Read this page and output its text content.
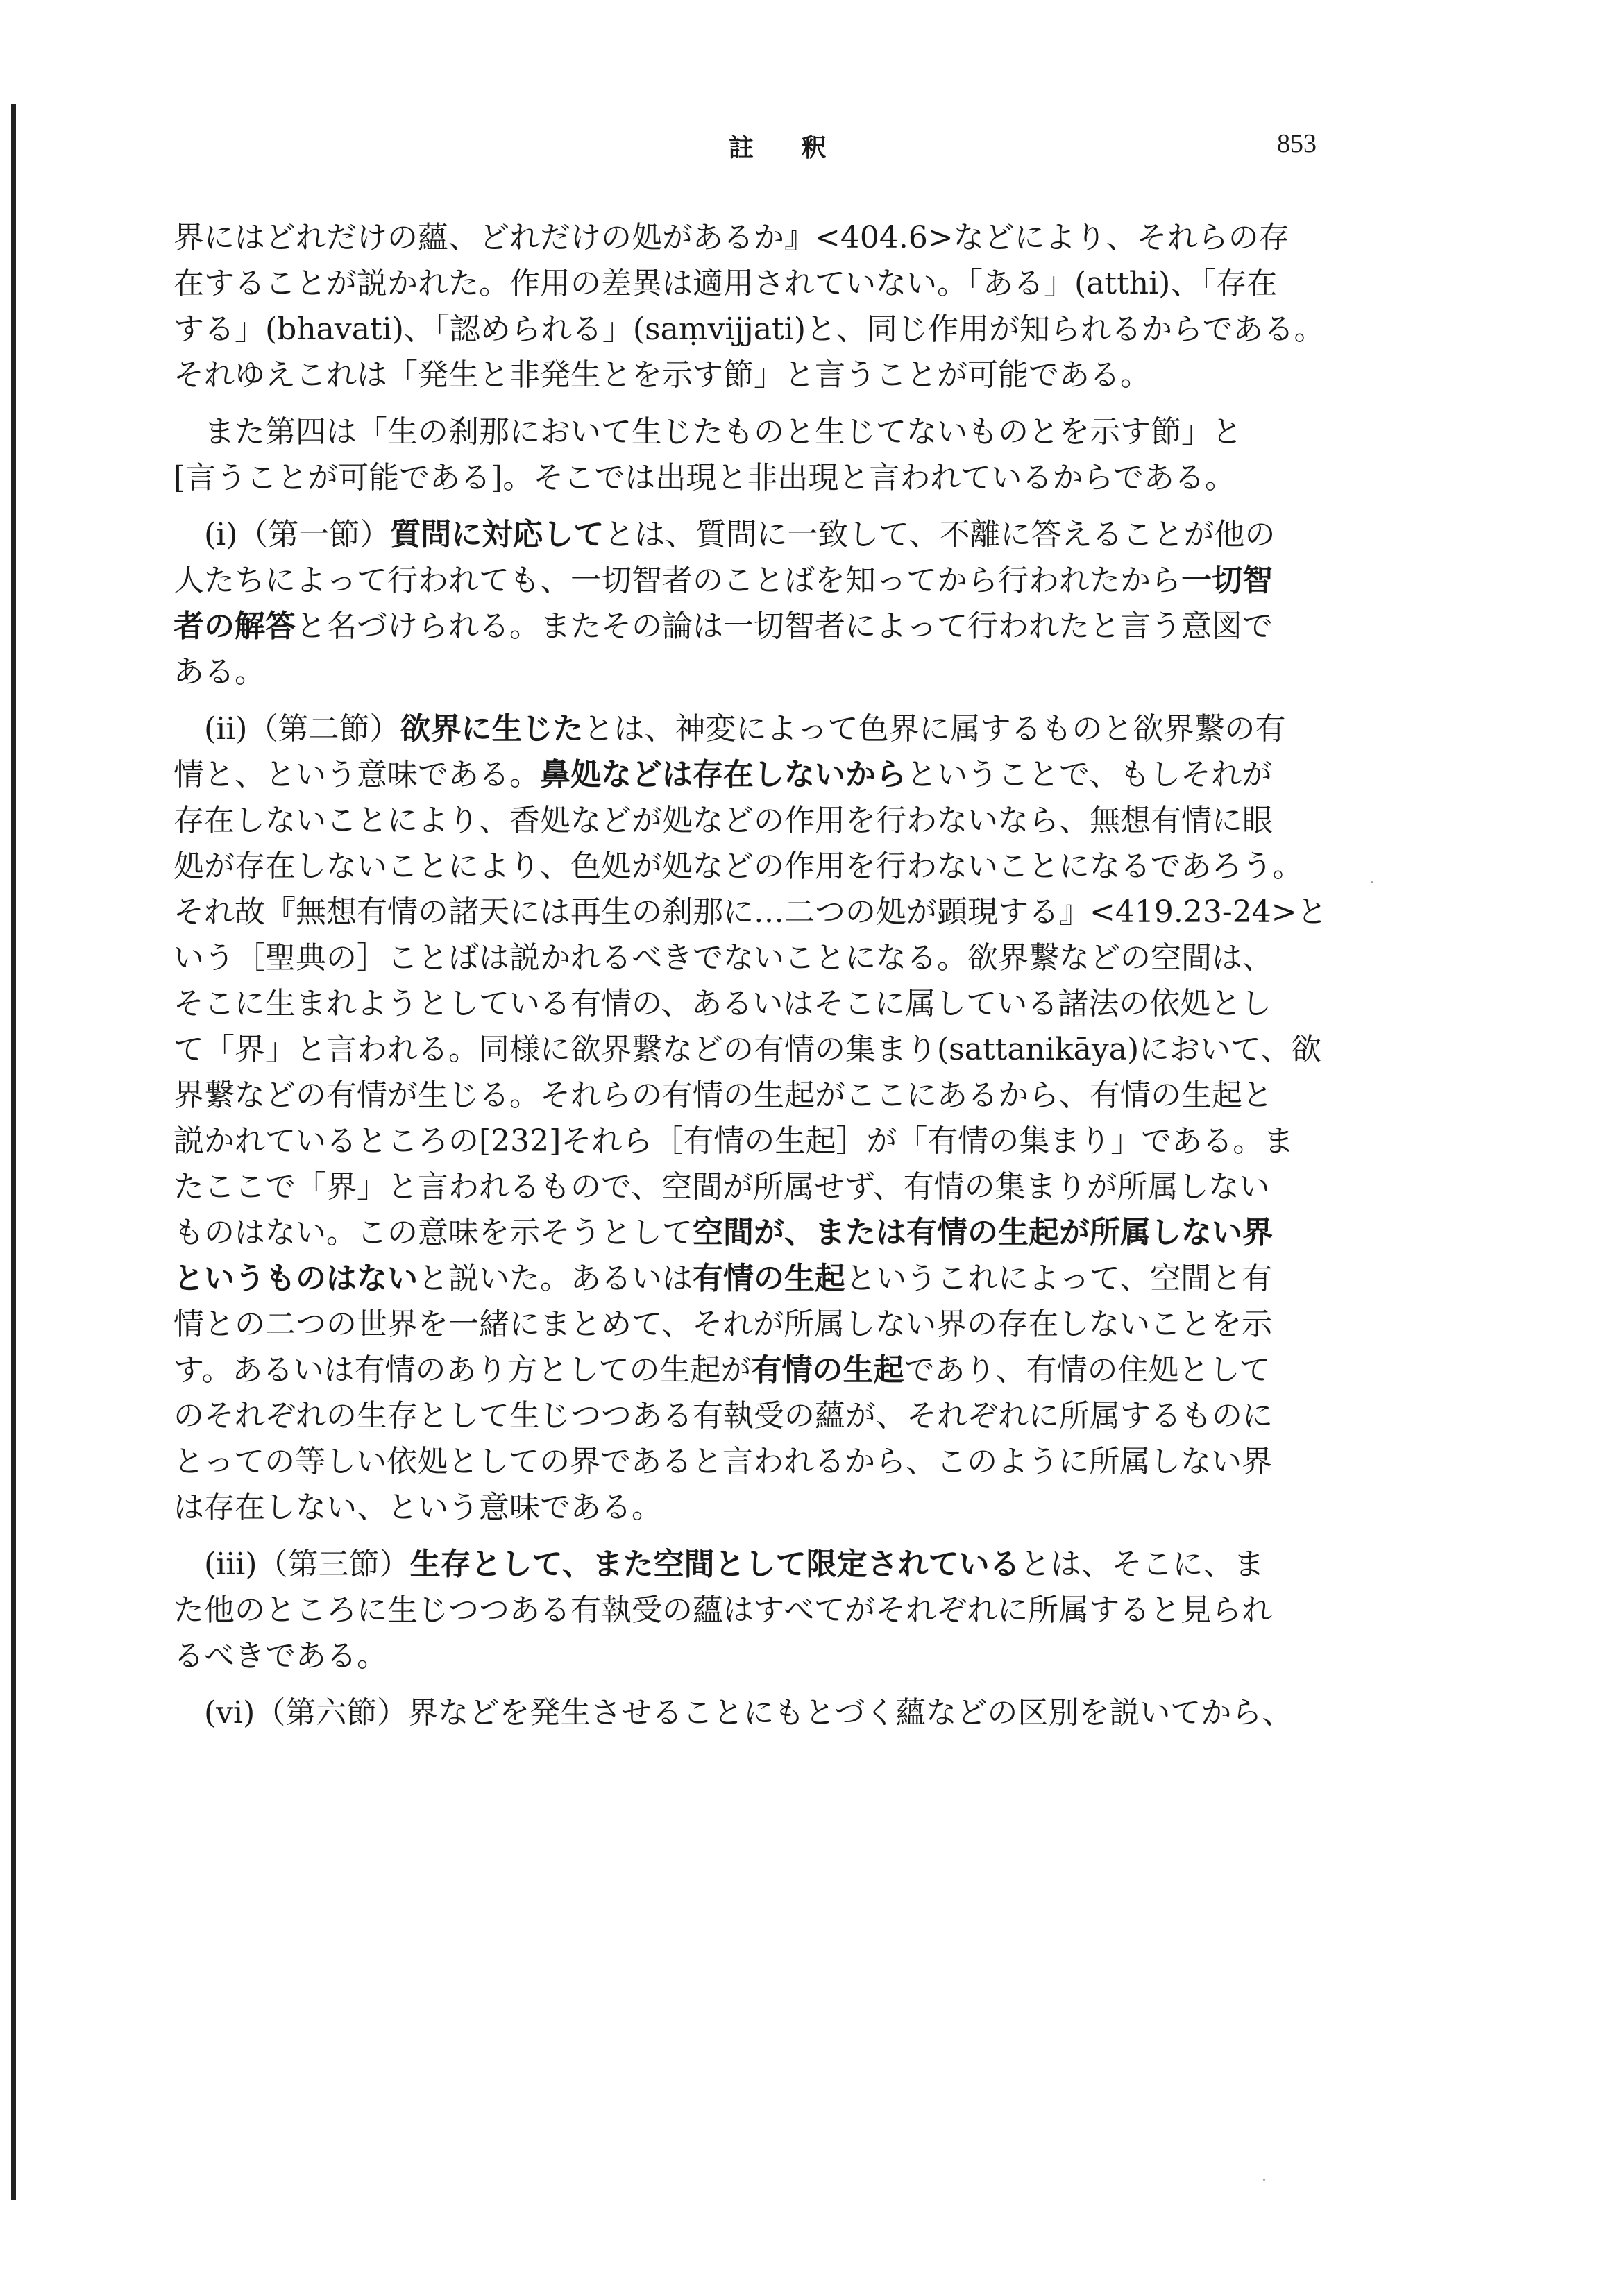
註 釈	853
界にはどれだけの蘊、どれだけの処があるか』<404.6>などにより、それらの存
在することが説かれた。作用の差異は適用されていない。「ある」(atthi)、「存在
する」(bhavati)、「認められる」(saṃvijjati)と、同じ作用が知られるからである。
それゆえこれは「発生と非発生とを示す節」と言うことが可能である。
　また第四は「生の刹那において生じたものと生じてないものとを示す節」と
[言うことが可能である]。そこでは出現と非出現と言われているからである。
　(i)（第一節）質問に対応してとは、質問に一致して、不離に答えることが他の
人たちによって行われても、一切智者のことばを知ってから行われたから一切智
者の解答と名づけられる。またその論は一切智者によって行われたと言う意図で
ある。
　(ii)（第二節）欲界に生じたとは、神変によって色界に属するものと欲界繋の有
情と、という意味である。鼻処などは存在しないからということで、もしそれが
存在しないことにより、香処などが処などの作用を行わないなら、無想有情に眼
処が存在しないことにより、色処が処などの作用を行わないことになるであろう。
それ故『無想有情の諸天には再生の刹那に…二つの処が顕現する』<419.23-24>と
いう［聖典の］ことばは説かれるべきでないことになる。欲界繋などの空間は、
そこに生まれようとしている有情の、あるいはそこに属している諸法の依処とし
て「界」と言われる。同様に欲界繋などの有情の集まり(sattanikāya)において、欲
界繋などの有情が生じる。それらの有情の生起がここにあるから、有情の生起と
説かれているところの[232]それら［有情の生起］が「有情の集まり」である。ま
たここで「界」と言われるもので、空間が所属せず、有情の集まりが所属しない
ものはない。この意味を示そうとして空間が、または有情の生起が所属しない界
というものはないと説いた。あるいは有情の生起というこれによって、空間と有
情との二つの世界を一緒にまとめて、それが所属しない界の存在しないことを示
す。あるいは有情のあり方としての生起が有情の生起であり、有情の住処として
のそれぞれの生存として生じつつある有執受の蘊が、それぞれに所属するものに
とっての等しい依処としての界であると言われるから、このように所属しない界
は存在しない、という意味である。
　(iii)（第三節）生存として、また空間として限定されているとは、そこに、ま
た他のところに生じつつある有執受の蘊はすべてがそれぞれに所属すると見られ
るべきである。
　(vi)（第六節）界などを発生させることにもとづく蘊などの区別を説いてから、
